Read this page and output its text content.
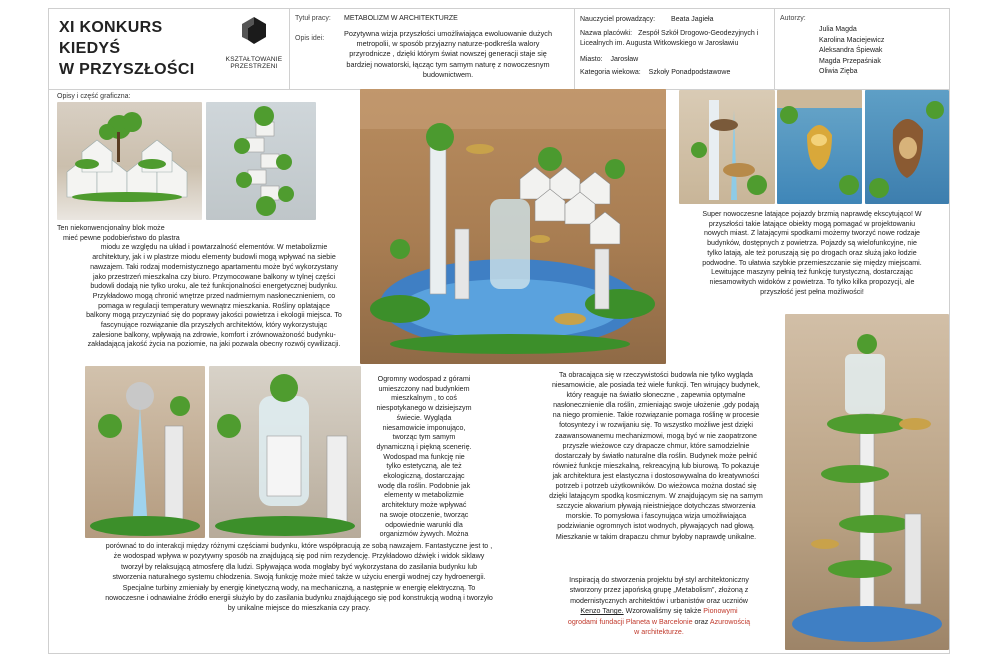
XI KONKURS
KIEDYŚ
W PRZYSZŁOŚCI
KSZTAŁTOWANIE
PRZESTRZENI
Tytuł pracy: METABOLIZM W ARCHITEKTURZE
Opis idei:
Pozytywna wizja przyszłości umożliwiająca ewoluowanie dużych
metropolii, w sposób przyjazny naturze-podkreśla walory
przyrodnicze , dzięki którym świat nowszej generacji staje się
bardziej nowatorski, łącząc tym samym naturę z nowoczesnym
budownictwem.
Nauczyciel prowadzący: Beata Jagieła
Nazwa placówki: Zespół Szkół Drogowo-Geodezyjnych i
Licealnych im. Augusta Witkowskiego w Jarosławiu
Miasto: Jarosław
Kategoria wiekowa: Szkoły Ponadpodstawowe
Autorzy:
Julia Magda
Karolina Maciejewicz
Aleksandra Śpiewak
Magda Przepaśniak
Oliwia Zięba
Opisy i część graficzna:
Ten niekonwencjonalny blok może
mieć pewne podobieństwo do plastra
miodu ze względu na układ i powtarzalność elementów. W metabolizmie
architektury, jak i w plastrze miodu elementy budowli mogą wpływać na siebie
nawzajem. Taki rodzaj modernistycznego apartamentu może być wykorzystany
jako przestrzeń mieszkalna czy biuro. Przymocowane balkony w tylnej części
budowli dodają nie tylko uroku, ale też funkcjonalności energetycznej budynku.
Przykładowo mogą chronić wnętrze przed nadmiernym nasłonecznieniem, co
pomaga w regulacji temperatury wewnątrz mieszkania. Rośliny oplatające
balkony mogą przyczyniać się do poprawy jakości powietrza i ekologii miejsca. To
fascynujące rozwiązanie dla przyszłych architektów, który wykorzystując
zalesione balkony, wpływają na zdrowie, komfort i zrównoważoność budynku-
zakładającą jakość życia na poziomie, na jaki pozwala obecny rozwój cywilizacji.
Super nowoczesne latające pojazdy brzmią naprawdę ekscytująco! W
przyszłości takie latające obiekty mogą pomagać w projektowaniu
nowych miast. Z latającymi spodkami możemy tworzyć nowe rodzaje
budynków, dostępnych z powietrza. Pojazdy są wielofunkcyjne, nie
tylko latają, ale też poruszają się po drogach oraz służą jako łodzie
podwodne. To ułatwia szybkie przemieszczanie się między miejscami.
Lewitujące maszyny pełnią też funkcję turystyczną, dostarczając
niesamowitych widoków z powietrza. To tylko kilka propozycji, ale
przyszłość jest pełna możliwości!
Ogromny wodospad z górami
umieszczony nad budynkiem
mieszkalnym , to coś
niespotykanego w dzisiejszym
świecie. Wygląda
niesamowicie imponująco,
tworząc tym samym
dynamiczną i piękną scenerię.
Wodospad ma funkcję nie
tylko estetyczną, ale też
ekologiczną, dostarczając
wodę dla roślin. Podobnie jak
elementy w metabolizmie
architektury może wpływać
na swoje otoczenie, tworząc
odpowiednie warunki dla
organizmów żywych. Można
porównać to do interakcji między różnymi częściami budynku, które współpracują ze sobą nawzajem. Fantastyczne jest to ,
że wodospad wpływa w pozytywny sposób na znajdującą się pod nim rezydencję. Przykładowo dźwięk i widok siklawy
tworzył by relaksującą atmosferę dla ludzi. Spływająca woda mogłaby być wykorzystana do zasilania budynku lub
stworzenia naturalnego systemu chłodzenia. Swoją funkcję może mieć także w użyciu energii wodnej czy hydroenergii.
Specjalne turbiny zmieniały by energię kinetyczną wody, na mechaniczną, a następnie w energię elektryczną. To
nowoczesne i odnawialne źródło energii służyło by do zasilania budynku znajdującego się pod konstrukcją wodną i tworzyło
by unikalne miejsce do mieszkania czy pracy.
Ta obracająca się w rzeczywistości budowla nie tylko wygląda
niesamowicie, ale posiada też wiele funkcji. Ten wirujący budynek,
który reaguje na światło słoneczne , zapewnia optymalne
nasłonecznienie dla roślin, zmieniając swoje ułożenie ,gdy podają
na niego promienie. Takie rozwiązanie pomaga roślinę w procesie
fotosyntezy i w rozwijaniu się. To wszystko możliwe jest dzięki
zaawansowanemu mechanizmowi, mogą być w nie zaopatrzone
przyszłe wieżowce czy drapacze chmur, które samodzielnie
dostarczały by światło naturalne dla roślin. Budynek może pełnić
również funkcje mieszkalną, rekreacyjną lub biurową. To pokazuje
jak architektura jest elastyczna i dostosowywalna do kreatywności
potrzeb i potrzeb użytkowników. Do wieżowca można dostać się
dzięki latającym spodką kosmicznym. W znajdującym się na samym
szczycie akwarium pływają nieistniejące dotychczas stworzenia
morskie. To pomysłowa i fascynująca wizja umożliwiająca
podziwianie ogromnych istot wodnych, pływających nad głową.
Mieszkanie w takim drapaczu chmur byłoby naprawdę unikalne.
Inspiracją do stworzenia projektu był styl architektoniczny
stworzony przez japońską grupę „Metabolism”, złożoną z
modernistycznych architektów i urbanistów oraz uczniów
Kenzo Tange. Wzorowaliśmy się także Pionowymi
ogrodami fundacji Planeta w Barcelonie oraz Azurowością
w architekturze.
